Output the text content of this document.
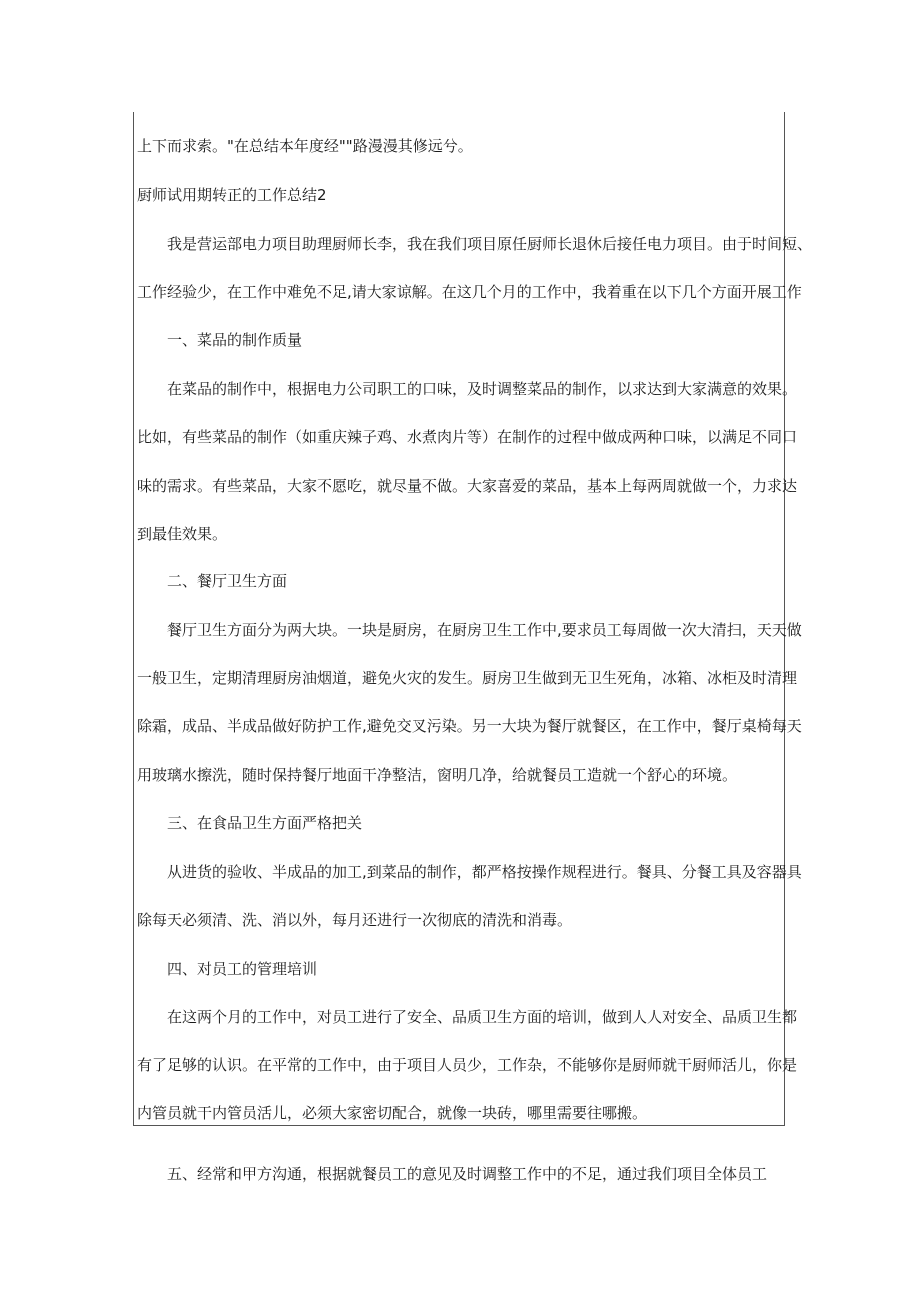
上下而求索。"在总结本年度经""路漫漫其修远兮。
厨师试用期转正的工作总结2
我是营运部电力项目助理厨师长李，我在我们项目原任厨师长退休后接任电力项目。由于时间短、
工作经验少，在工作中难免不足,请大家谅解。在这几个月的工作中，我着重在以下几个方面开展工作
一、菜品的制作质量
在菜品的制作中，根据电力公司职工的口味，及时调整菜品的制作，以求达到大家满意的效果。
比如，有些菜品的制作（如重庆辣子鸡、水煮肉片等）在制作的过程中做成两种口味，以满足不同口
味的需求。有些菜品，大家不愿吃，就尽量不做。大家喜爱的菜品，基本上每两周就做一个，力求达
到最佳效果。
二、餐厅卫生方面
餐厅卫生方面分为两大块。一块是厨房，在厨房卫生工作中,要求员工每周做一次大清扫，天天做
一般卫生，定期清理厨房油烟道，避免火灾的发生。厨房卫生做到无卫生死角，冰箱、冰柜及时清理
除霜，成品、半成品做好防护工作,避免交叉污染。另一大块为餐厅就餐区，在工作中，餐厅桌椅每天
用玻璃水擦洗，随时保持餐厅地面干净整洁，窗明几净，给就餐员工造就一个舒心的环境。
三、在食品卫生方面严格把关
从进货的验收、半成品的加工,到菜品的制作，都严格按操作规程进行。餐具、分餐工具及容器具
除每天必须清、洗、消以外，每月还进行一次彻底的清洗和消毒。
四、对员工的管理培训
在这两个月的工作中，对员工进行了安全、品质卫生方面的培训，做到人人对安全、品质卫生都
有了足够的认识。在平常的工作中，由于项目人员少，工作杂，不能够你是厨师就干厨师活儿，你是
内管员就干内管员活儿，必须大家密切配合，就像一块砖，哪里需要往哪搬。
五、经常和甲方沟通，根据就餐员工的意见及时调整工作中的不足，通过我们项目全体员工
